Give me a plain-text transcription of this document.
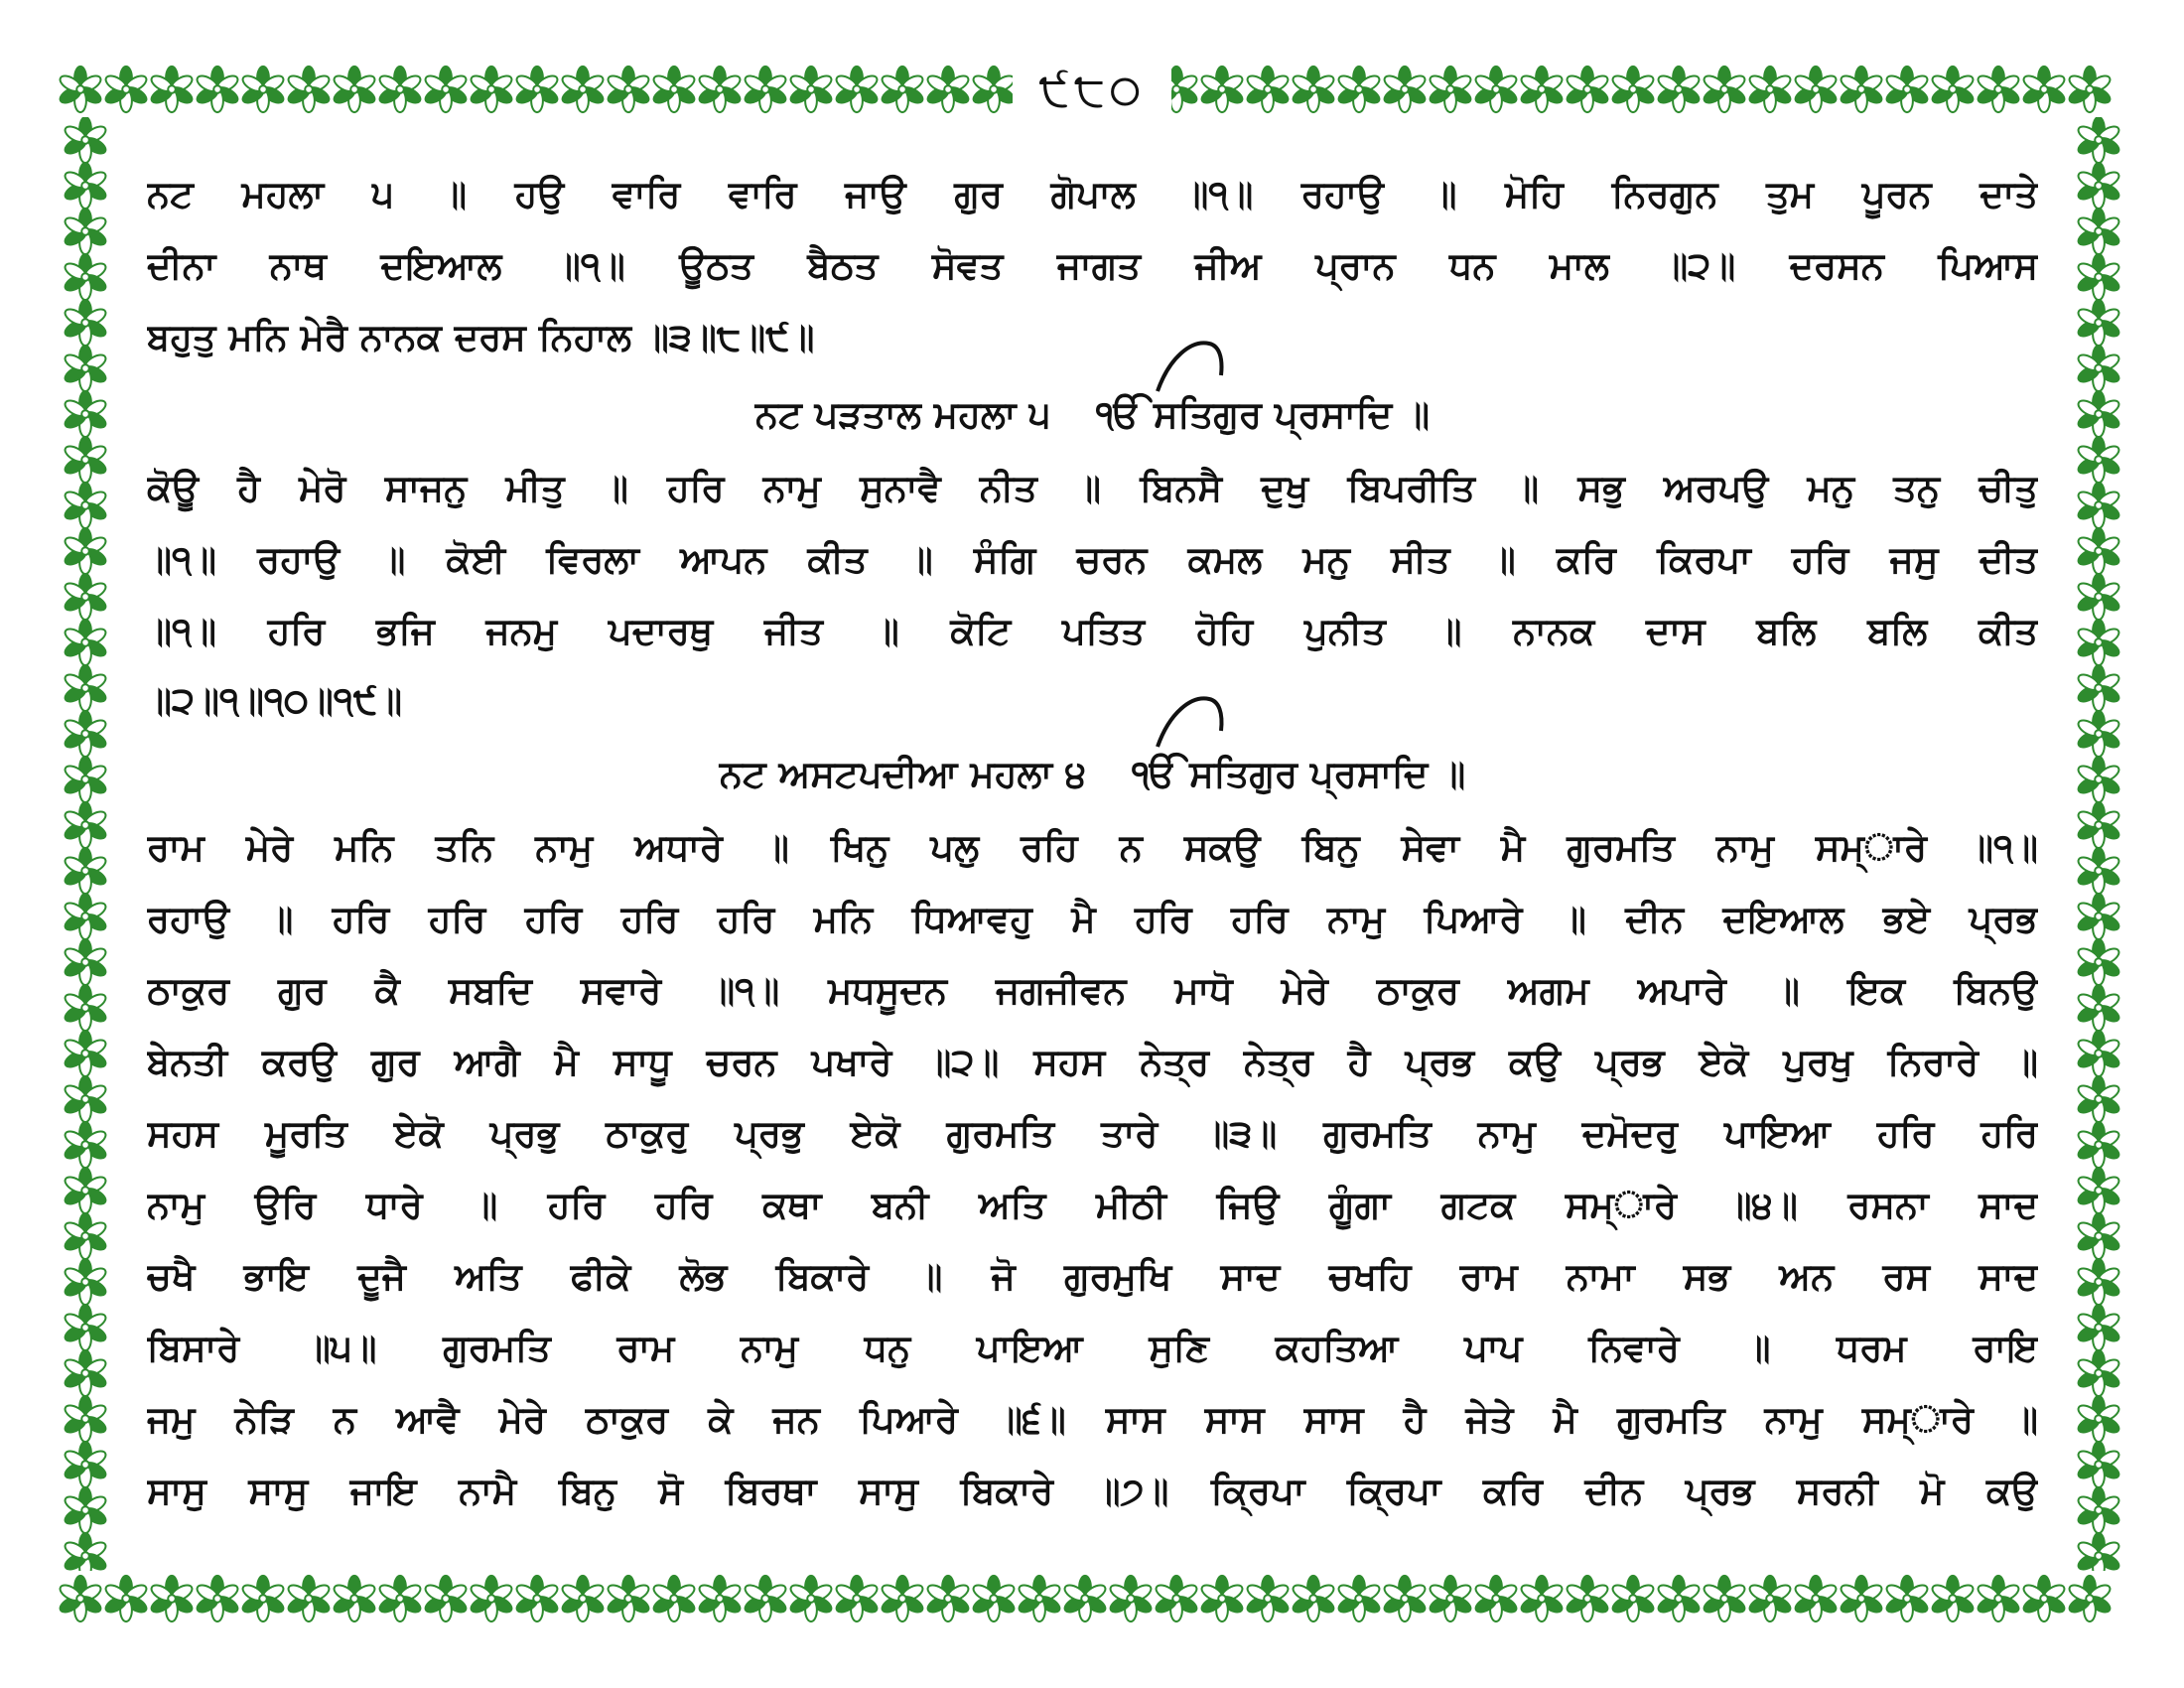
੯੮੦
ਨਟ ਮਹਲਾ ੫ ॥ ਹਉ ਵਾਰਿ ਵਾਰਿ ਜਾਉ ਗੁਰ ਗੋਪਾਲ ॥੧॥ ਰਹਾਉ ॥ ਮੋਹਿ ਨਿਰਗੁਨ ਤੁਮ ਪੂਰਨ ਦਾਤੇ
ਦੀਨਾ ਨਾਥ ਦਇਆਲ ॥੧॥ ਊਠਤ ਬੈਠਤ ਸੋਵਤ ਜਾਗਤ ਜੀਅ ਪ੍ਰਾਨ ਧਨ ਮਾਲ ॥੨॥ ਦਰਸਨ ਪਿਆਸ
ਬਹੁਤੁ ਮਨਿ ਮੇਰੈ ਨਾਨਕ ਦਰਸ ਨਿਹਾਲ ॥੩॥੮॥੯॥
ਨਟ ਪੜਤਾਲ ਮਹਲਾ ੫ ੴ ਸਤਿਗੁਰ ਪ੍ਰਸਾਦਿ ॥
ਕੋਊ ਹੈ ਮੇਰੋ ਸਾਜਨੁ ਮੀਤੁ ॥ ਹਰਿ ਨਾਮੁ ਸੁਨਾਵੈ ਨੀਤ ॥ ਬਿਨਸੈ ਦੁਖੁ ਬਿਪਰੀਤਿ ॥ ਸਭੁ ਅਰਪਉ ਮਨੁ ਤਨੁ ਚੀਤੁ
॥੧॥ ਰਹਾਉ ॥ ਕੋਈ ਵਿਰਲਾ ਆਪਨ ਕੀਤ ॥ ਸੰਗਿ ਚਰਨ ਕਮਲ ਮਨੁ ਸੀਤ ॥ ਕਰਿ ਕਿਰਪਾ ਹਰਿ ਜਸੁ ਦੀਤ
॥੧॥ ਹਰਿ ਭਜਿ ਜਨਮੁ ਪਦਾਰਥੁ ਜੀਤ ॥ ਕੋਟਿ ਪਤਿਤ ਹੋਹਿ ਪੁਨੀਤ ॥ ਨਾਨਕ ਦਾਸ ਬਲਿ ਬਲਿ ਕੀਤ
॥੨॥੧॥੧੦॥੧੯॥
ਨਟ ਅਸਟਪਦੀਆ ਮਹਲਾ ੪ ੴ ਸਤਿਗੁਰ ਪ੍ਰਸਾਦਿ ॥
ਰਾਮ ਮੇਰੇ ਮਨਿ ਤਨਿ ਨਾਮੁ ਅਧਾਰੇ ॥ ਖਿਨੁ ਪਲੁ ਰਹਿ ਨ ਸਕਉ ਬਿਨੁ ਸੇਵਾ ਮੈ ਗੁਰਮਤਿ ਨਾਮੁ ਸਮ੍ਾਰੇ ॥੧॥
ਰਹਾਉ ॥ ਹਰਿ ਹਰਿ ਹਰਿ ਹਰਿ ਹਰਿ ਮਨਿ ਧਿਆਵਹੁ ਮੈ ਹਰਿ ਹਰਿ ਨਾਮੁ ਪਿਆਰੇ ॥ ਦੀਨ ਦਇਆਲ ਭਏ ਪ੍ਰਭ
ਠਾਕੁਰ ਗੁਰ ਕੈ ਸਬਦਿ ਸਵਾਰੇ ॥੧॥ ਮਧਸੂਦਨ ਜਗਜੀਵਨ ਮਾਧੋ ਮੇਰੇ ਠਾਕੁਰ ਅਗਮ ਅਪਾਰੇ ॥ ਇਕ ਬਿਨਉ
ਬੇਨਤੀ ਕਰਉ ਗੁਰ ਆਗੈ ਮੈ ਸਾਧੂ ਚਰਨ ਪਖਾਰੇ ॥੨॥ ਸਹਸ ਨੇਤ੍ਰ ਨੇਤ੍ਰ ਹੈ ਪ੍ਰਭ ਕਉ ਪ੍ਰਭ ਏਕੋ ਪੁਰਖੁ ਨਿਰਾਰੇ ॥
ਸਹਸ ਮੂਰਤਿ ਏਕੋ ਪ੍ਰਭੁ ਠਾਕੁਰੁ ਪ੍ਰਭੁ ਏਕੋ ਗੁਰਮਤਿ ਤਾਰੇ ॥੩॥ ਗੁਰਮਤਿ ਨਾਮੁ ਦਮੋਦਰੁ ਪਾਇਆ ਹਰਿ ਹਰਿ
ਨਾਮੁ ਉਰਿ ਧਾਰੇ ॥ ਹਰਿ ਹਰਿ ਕਥਾ ਬਨੀ ਅਤਿ ਮੀਠੀ ਜਿਉ ਗੂੰਗਾ ਗਟਕ ਸਮ੍ਾਰੇ ॥੪॥ ਰਸਨਾ ਸਾਦ
ਚਖੈ ਭਾਇ ਦੂਜੈ ਅਤਿ ਫੀਕੇ ਲੋਭ ਬਿਕਾਰੇ ॥ ਜੋ ਗੁਰਮੁਖਿ ਸਾਦ ਚਖਹਿ ਰਾਮ ਨਾਮਾ ਸਭ ਅਨ ਰਸ ਸਾਦ
ਬਿਸਾਰੇ ॥੫॥ ਗੁਰਮਤਿ ਰਾਮ ਨਾਮੁ ਧਨੁ ਪਾਇਆ ਸੁਣਿ ਕਹਤਿਆ ਪਾਪ ਨਿਵਾਰੇ ॥ ਧਰਮ ਰਾਇ
ਜਮੁ ਨੇੜਿ ਨ ਆਵੈ ਮੇਰੇ ਠਾਕੁਰ ਕੇ ਜਨ ਪਿਆਰੇ ॥੬॥ ਸਾਸ ਸਾਸ ਸਾਸ ਹੈ ਜੇਤੇ ਮੈ ਗੁਰਮਤਿ ਨਾਮੁ ਸਮ੍ਾਰੇ ॥
ਸਾਸੁ ਸਾਸੁ ਜਾਇ ਨਾਮੈ ਬਿਨੁ ਸੋ ਬਿਰਥਾ ਸਾਸੁ ਬਿਕਾਰੇ ॥੭॥ ਕ੍ਰਿਪਾ ਕ੍ਰਿਪਾ ਕਰਿ ਦੀਨ ਪ੍ਰਭ ਸਰਨੀ ਮੋ ਕਉ
